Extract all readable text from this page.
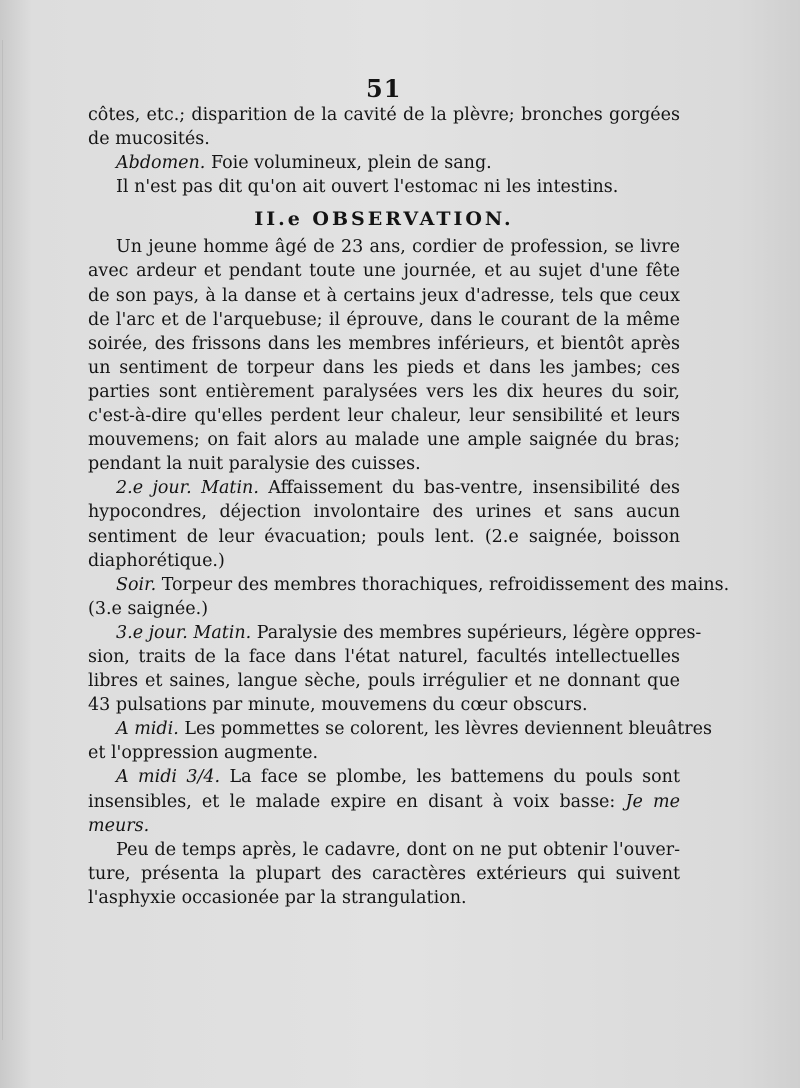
51
côtes, etc.; disparition de la cavité de la plèvre; bronches gorgées
de mucosités.
Abdomen. Foie volumineux, plein de sang.
Il n'est pas dit qu'on ait ouvert l'estomac ni les intestins.
II.e OBSERVATION.
Un jeune homme âgé de 23 ans, cordier de profession, se livre
avec ardeur et pendant toute une journée, et au sujet d'une fête
de son pays, à la danse et à certains jeux d'adresse, tels que ceux
de l'arc et de l'arquebuse; il éprouve, dans le courant de la même
soirée, des frissons dans les membres inférieurs, et bientôt après
un sentiment de torpeur dans les pieds et dans les jambes; ces
parties sont entièrement paralysées vers les dix heures du soir,
c'est-à-dire qu'elles perdent leur chaleur, leur sensibilité et leurs
mouvemens; on fait alors au malade une ample saignée du bras;
pendant la nuit paralysie des cuisses.
2.e jour. Matin. Affaissement du bas-ventre, insensibilité des
hypocondres, déjection involontaire des urines et sans aucun
sentiment de leur évacuation; pouls lent. (2.e saignée, boisson
diaphorétique.)
Soir. Torpeur des membres thorachiques, refroidissement des mains.
(3.e saignée.)
3.e jour. Matin. Paralysie des membres supérieurs, légère oppres-
sion, traits de la face dans l'état naturel, facultés intellectuelles
libres et saines, langue sèche, pouls irrégulier et ne donnant que
43 pulsations par minute, mouvemens du cœur obscurs.
A midi. Les pommettes se colorent, les lèvres deviennent bleuâtres
et l'oppression augmente.
A midi 3/4. La face se plombe, les battemens du pouls sont
insensibles, et le malade expire en disant à voix basse: Je me
meurs.
Peu de temps après, le cadavre, dont on ne put obtenir l'ouver-
ture, présenta la plupart des caractères extérieurs qui suivent
l'asphyxie occasionée par la strangulation.
